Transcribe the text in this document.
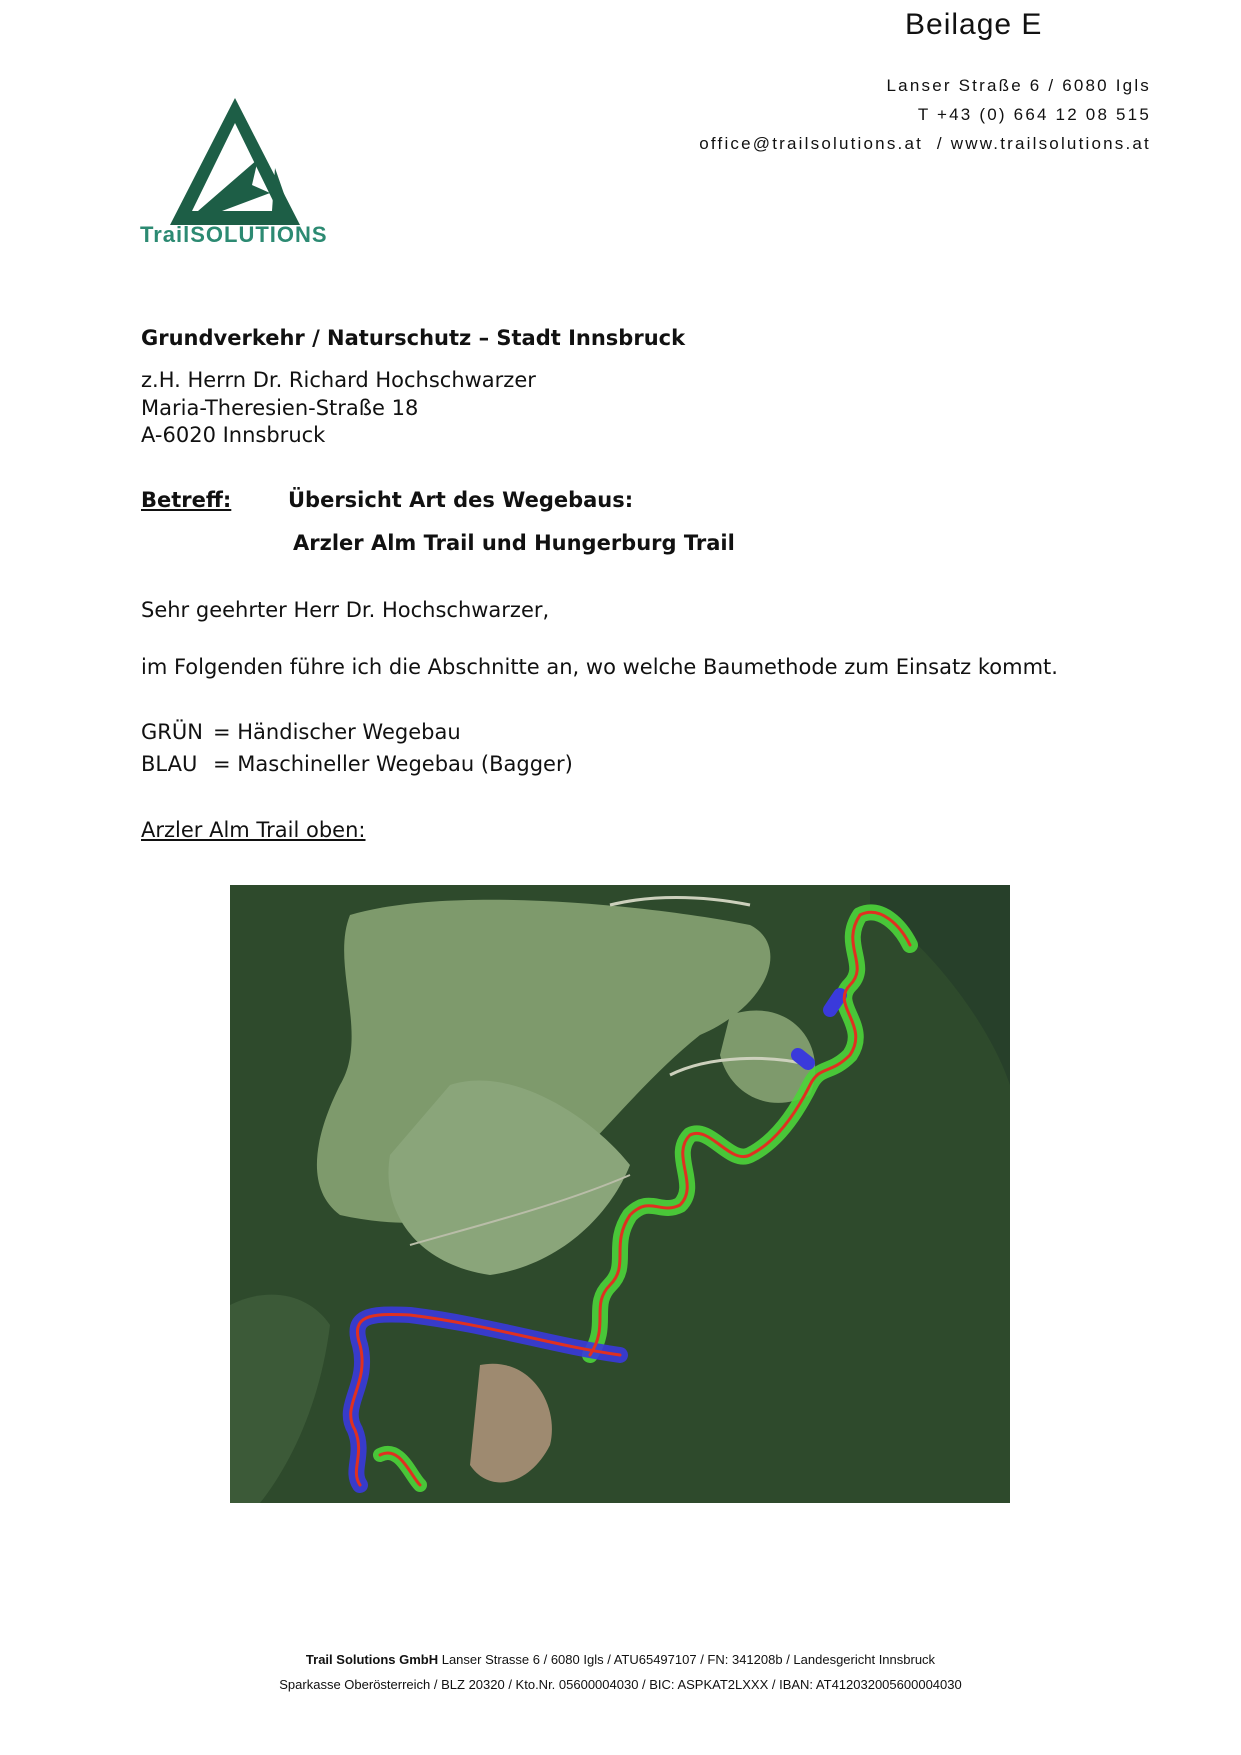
Beilage E
Lanser Straße 6 / 6080 Igls
T +43 (0) 664 12 08 515
office@trailsolutions.at / www.trailsolutions.at
TrailSOLUTIONS
Grundverkehr / Naturschutz – Stadt Innsbruck
z.H. Herrn Dr. Richard Hochschwarzer
Maria-Theresien-Straße 18
A-6020 Innsbruck
Betreff:	Übersicht Art des Wegebaus:
Arzler Alm Trail und Hungerburg Trail
Sehr geehrter Herr Dr. Hochschwarzer,
im Folgenden führe ich die Abschnitte an, wo welche Baumethode zum Einsatz kommt.
GRÜN = Händischer Wegebau
BLAU = Maschineller Wegebau (Bagger)
Arzler Alm Trail oben:
Trail Solutions GmbH Lanser Strasse 6 / 6080 Igls / ATU65497107 / FN: 341208b / Landesgericht Innsbruck
Sparkasse Oberösterreich / BLZ 20320 / Kto.Nr. 05600004030 / BIC: ASPKAT2LXXX / IBAN: AT412032005600004030
